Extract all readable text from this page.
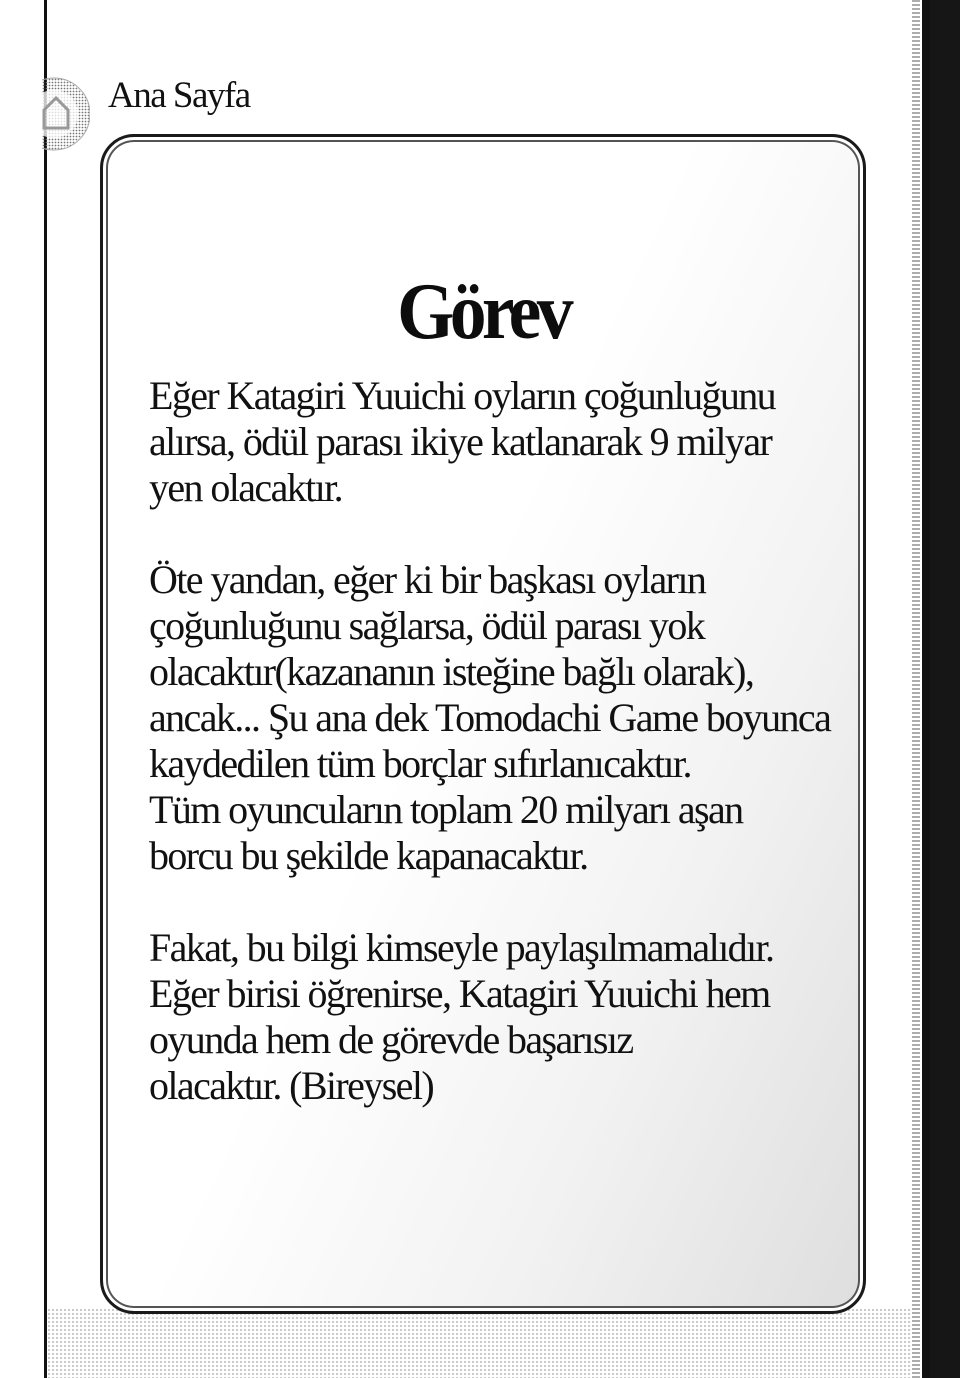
Ana Sayfa
Görev

Eğer Katagiri Yuuichi oyların çoğunluğunu
alırsa, ödül parası ikiye katlanarak 9 milyar
yen olacaktır.

Öte yandan, eğer ki bir başkası oyların
çoğunluğunu sağlarsa, ödül parası yok
olacaktır(kazananın isteğine bağlı olarak),
ancak... Şu ana dek Tomodachi Game boyunca
kaydedilen tüm borçlar sıfırlanıcaktır.
Tüm oyuncuların toplam 20 milyarı aşan
borcu bu şekilde kapanacaktır.

Fakat, bu bilgi kimseyle paylaşılmamalıdır.
Eğer birisi öğrenirse, Katagiri Yuuichi hem
oyunda hem de görevde başarısız
olacaktır. (Bireysel)
